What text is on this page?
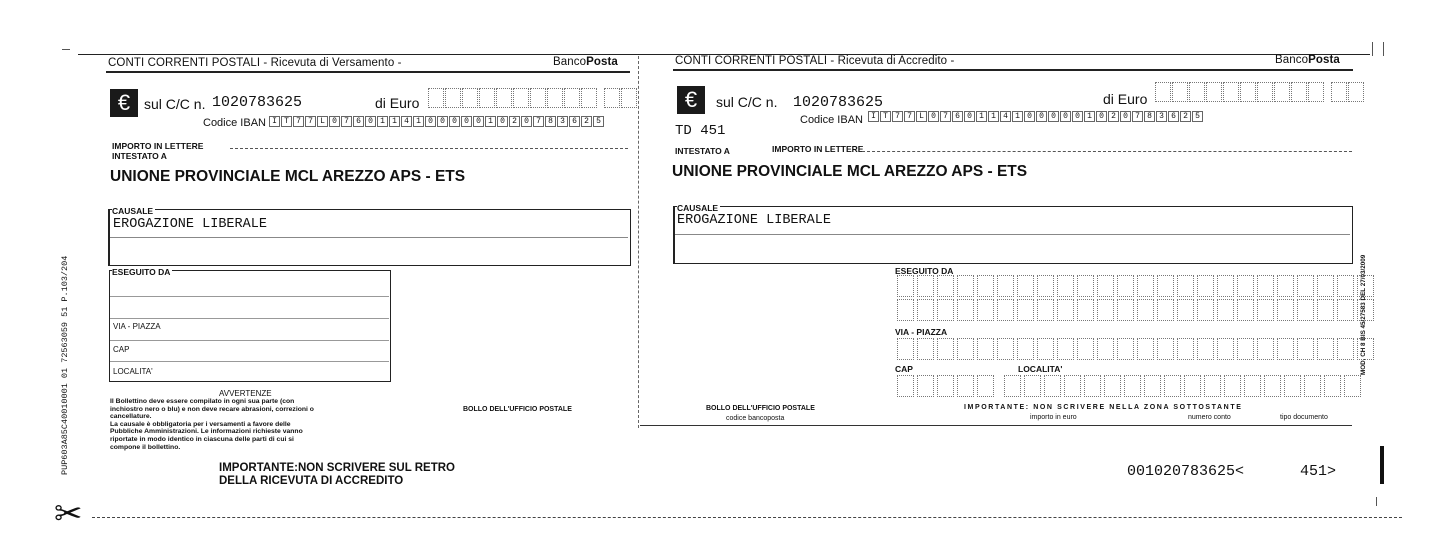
PUP603A85C40010001 01 72563059 51 P.103/204
CONTI CORRENTI POSTALI - Ricevuta di Versamento -	BancoPosta
€ sul C/C n. 1020783625	di Euro
Codice IBAN I T 7 7 L 0 7 6 0 1 1 4 1 0 0 0 0 0 1 0 2 0 7 8 3 6 2 5
IMPORTO IN LETTERE
INTESTATO A
UNIONE PROVINCIALE MCL AREZZO APS - ETS
CAUSALE
EROGAZIONE LIBERALE
ESEGUITO DA
VIA - PIAZZA
CAP
LOCALITA'
AVVERTENZE
Il Bollettino deve essere compilato in ogni sua parte (con
inchiostro nero o blu) e non deve recare abrasioni, correzioni o
cancellature.
La causale è obbligatoria per i versamenti a favore delle
Pubbliche Amministrazioni. Le informazioni richieste vanno
riportate in modo identico in ciascuna delle parti di cui si
compone il bollettino.
BOLLO DELL'UFFICIO POSTALE
IMPORTANTE:NON SCRIVERE SUL RETRO
DELLA RICEVUTA DI ACCREDITO
CONTI CORRENTI POSTALI - Ricevuta di Accredito -	BancoPosta
€	sul C/C n. 1020783625	di Euro
Codice IBAN	I T 7 7 L 0 7 6 0 1 1 4 1 0 0 0 0 0 1 0 2 0 7 8 3 6 2 5
TD 451
INTESTATO A	IMPORTO IN LETTERE
UNIONE PROVINCIALE MCL AREZZO APS - ETS
CAUSALE
EROGAZIONE LIBERALE
ESEGUITO DA
VIA - PIAZZA
CAP	LOCALITA'
BOLLO DELL'UFFICIO POSTALE
codice bancoposta
IMPORTANTE: NON SCRIVERE NELLA ZONA SOTTOSTANTE
importo in euro	numero conto	tipo documento
001020783625<	451>
MOD. CH 8 BIS 45/27583 DEL 27/03/2009
✂
